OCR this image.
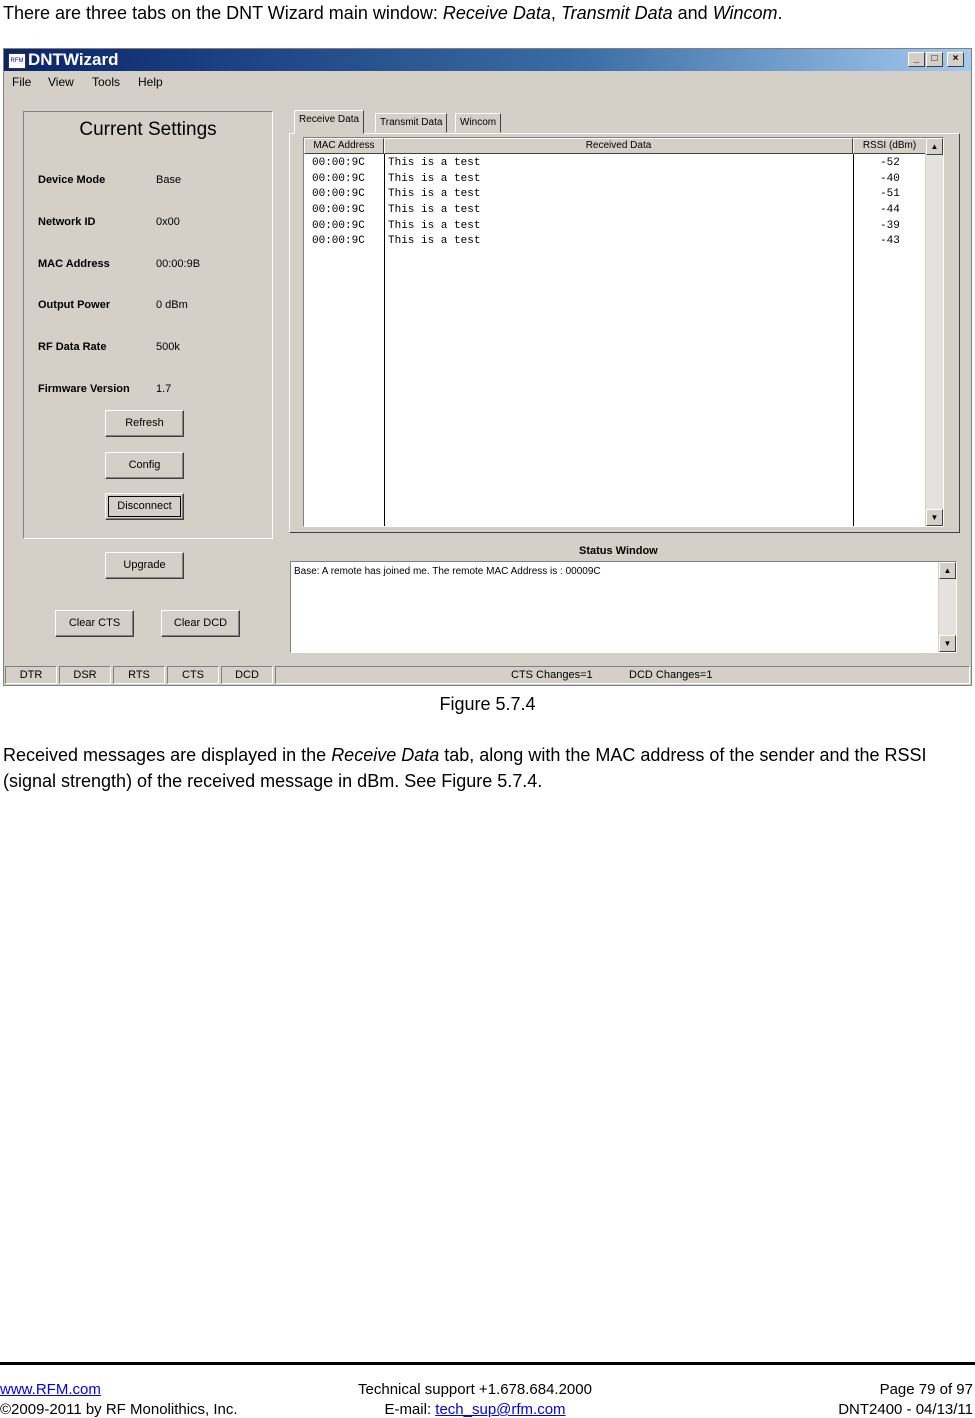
There are three tabs on the DNT Wizard main window: Receive Data, Transmit Data and Wincom.
RFM DNTWizard	_	□	×
File View Tools Help
Current Settings
Device Mode	Base
Network ID	0x00
MAC Address	00:00:9B
Output Power	0 dBm
RF Data Rate	500k
Firmware Version 1.7
Refresh
Config
Disconnect
Upgrade
Clear CTS	Clear DCD
Receive Data	Transmit Data	Wincom
MAC Address	Received Data	RSSI (dBm)
00:00:9C This is a test	-52
00:00:9C This is a test	-40
00:00:9C This is a test	-51
00:00:9C This is a test	-44
00:00:9C This is a test	-39
00:00:9C This is a test	-43
▲
▼
Status Window
Base: A remote has joined me. The remote MAC Address is : 00009C	▲
▼
DTR	DSR	RTS	CTS	DCD	CTS Changes=1	DCD Changes=1
Figure 5.7.4
Received messages are displayed in the Receive Data tab, along with the MAC address of the sender and the RSSI (signal strength) of the received message in dBm. See Figure 5.7.4.
www.RFM.com
©2009-2011 by RF Monolithics, Inc.
Technical support +1.678.684.2000
E-mail: tech_sup@rfm.com
Page 79 of 97
DNT2400 - 04/13/11
